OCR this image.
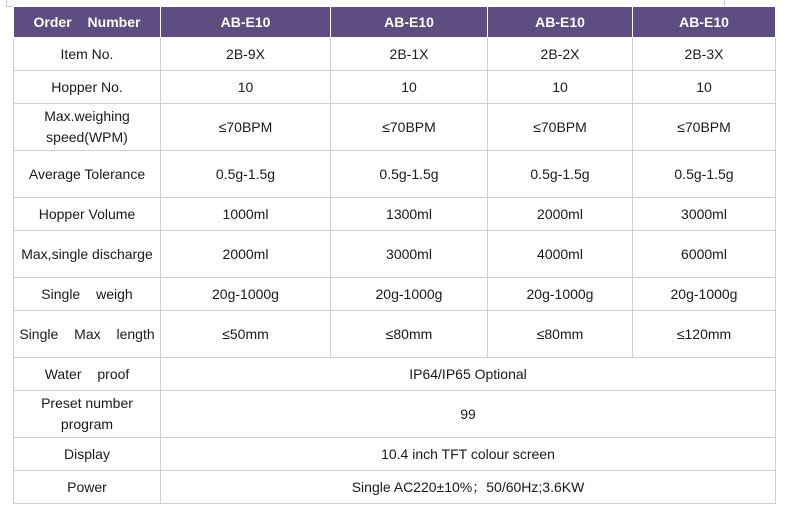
Order Number	AB-E10	AB-E10	AB-E10	AB-E10
Item No.	2B-9X	2B-1X	2B-2X	2B-3X
Hopper No.	10	10	10	10
Max.weighing speed(WPM)	≤70BPM	≤70BPM	≤70BPM	≤70BPM
Average Tolerance	0.5g-1.5g	0.5g-1.5g	0.5g-1.5g	0.5g-1.5g
Hopper Volume	1000ml	1300ml	2000ml	3000ml
Max,single discharge	2000ml	3000ml	4000ml	6000ml
Single weigh	20g-1000g	20g-1000g	20g-1000g	20g-1000g
Single Max length	≤50mm	≤80mm	≤80mm	≤120mm
Water proof	IP64/IP65 Optional			
Preset number program	99			
Display	10.4 inch TFT colour screen			
Power	Single AC220±10%；50/60Hz;3.6KW			
